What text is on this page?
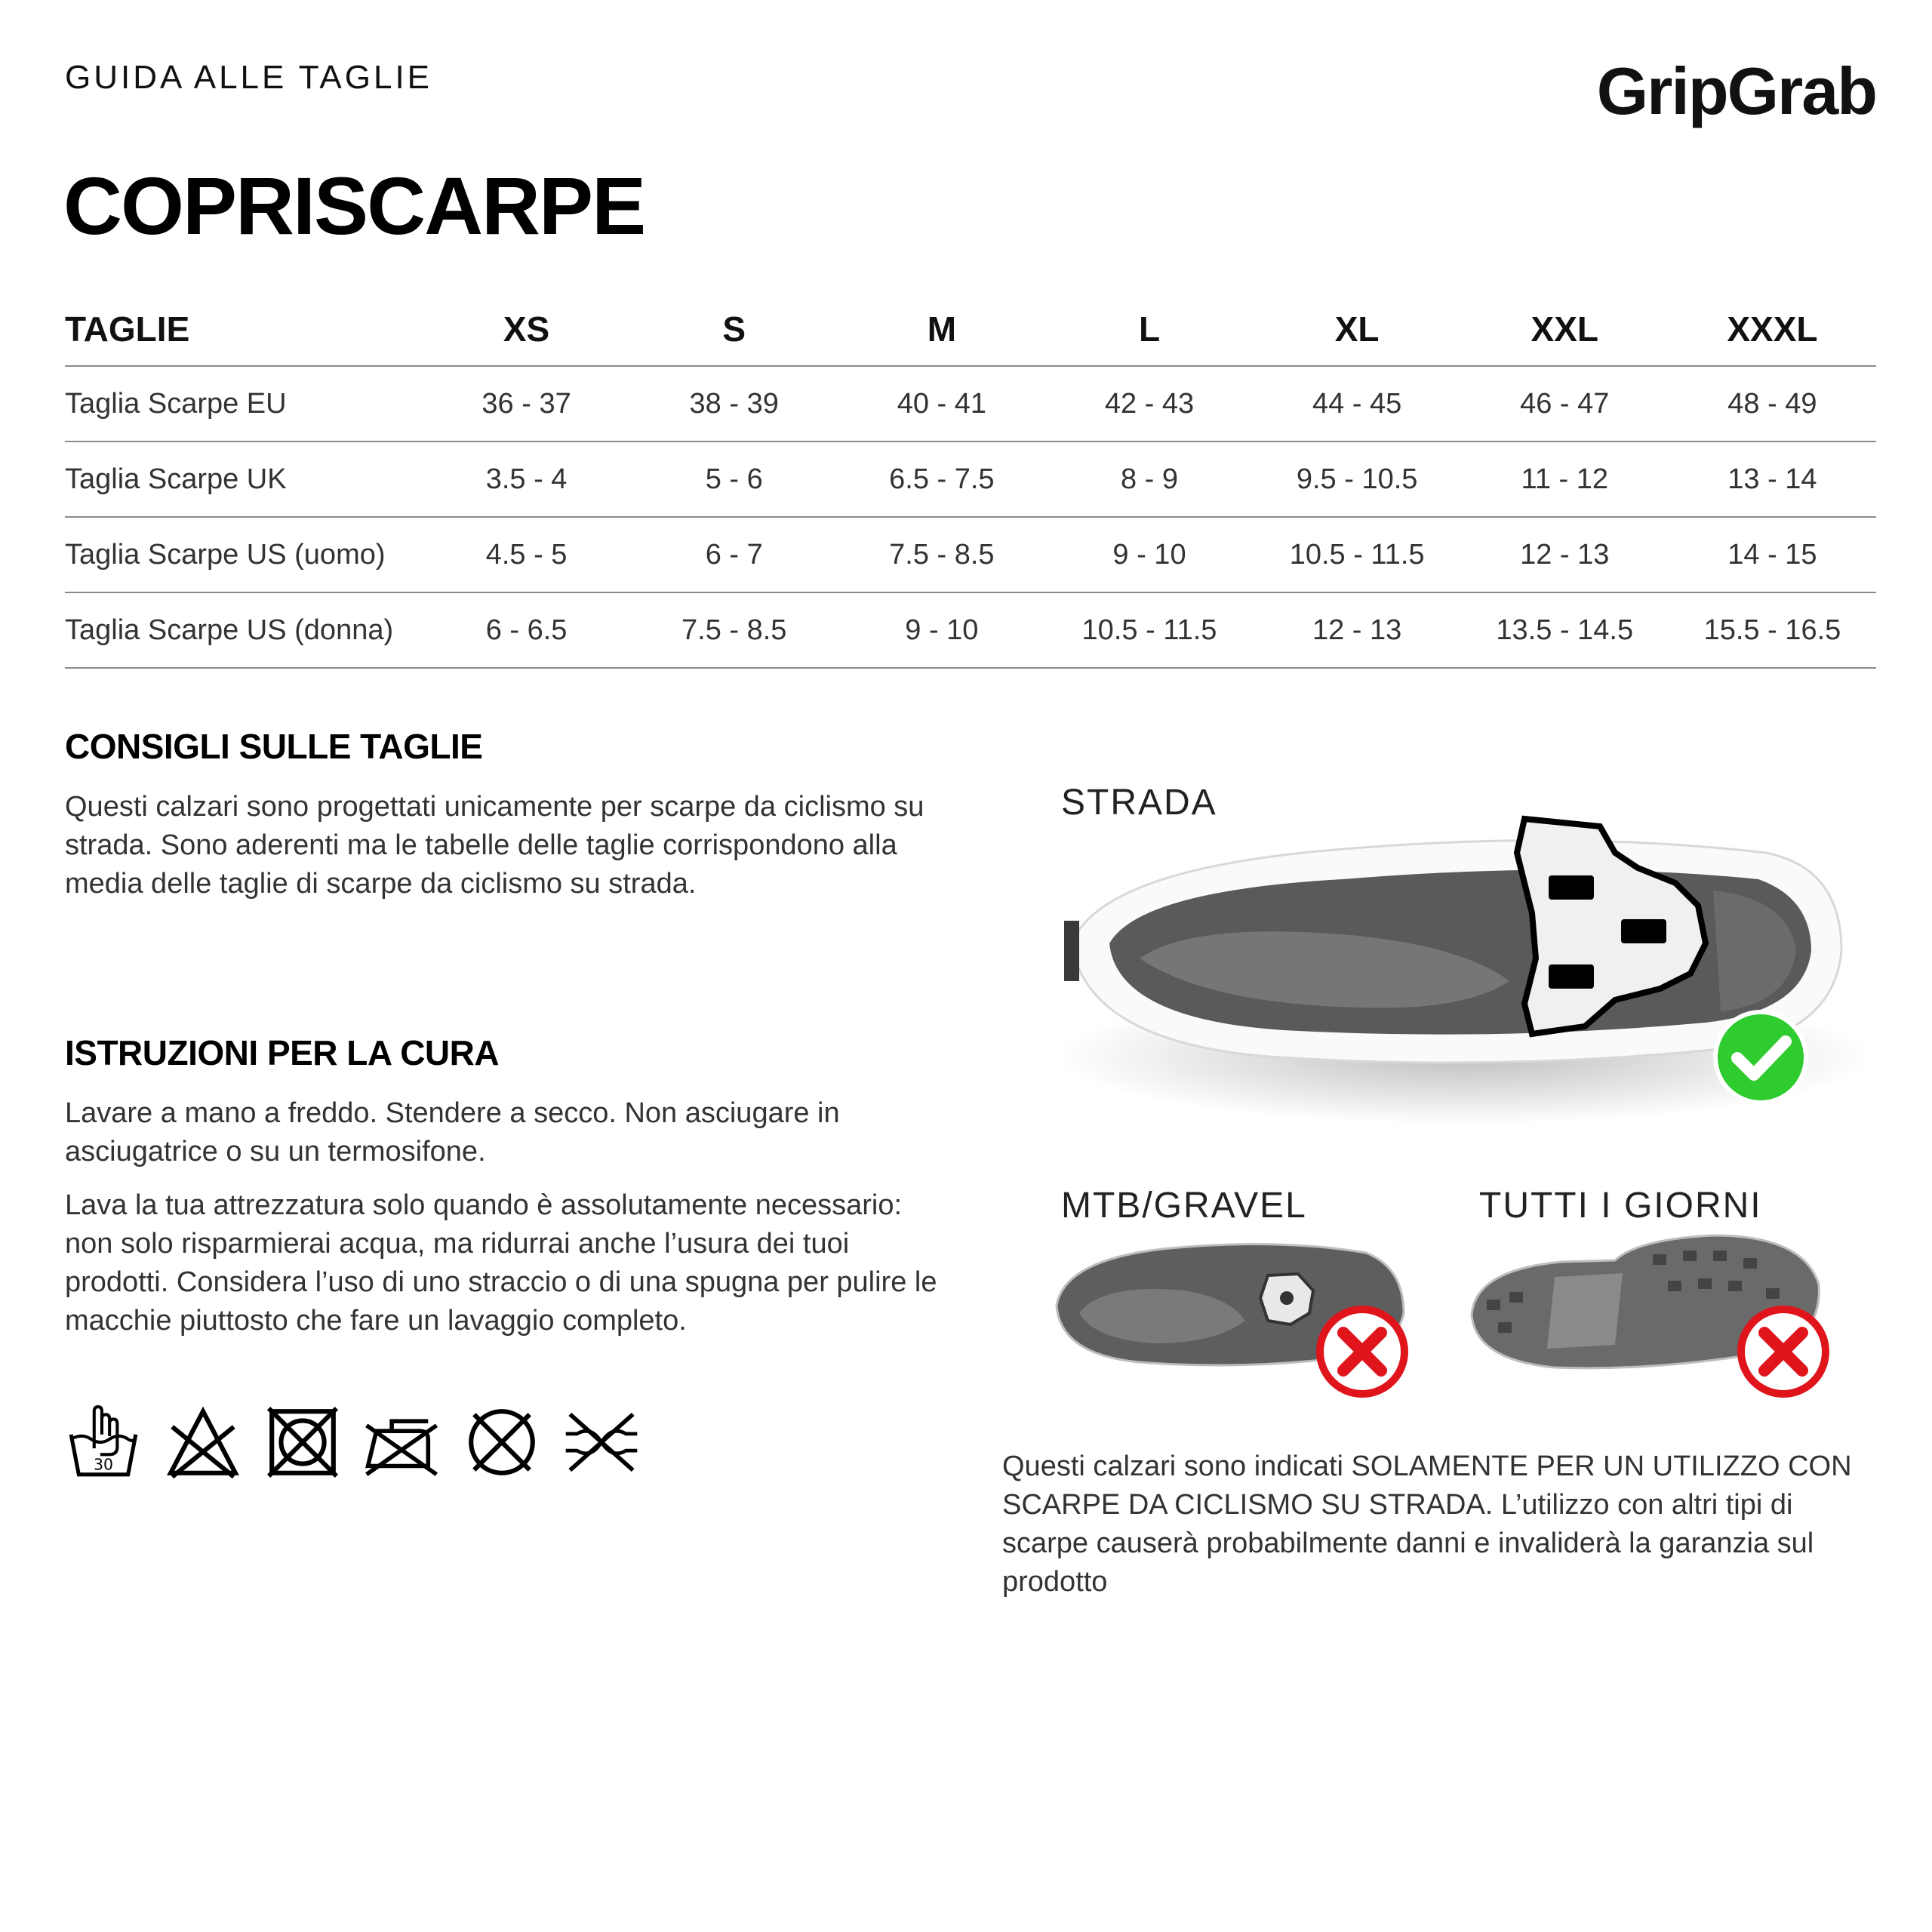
GUIDA ALLE TAGLIE	GripGrab
COPRISCARPE
TAGLIE	XS	S	M	L	XL	XXL	XXXL
Taglia Scarpe EU	36 - 37	38 - 39	40 - 41	42 - 43	44 - 45	46 - 47	48 - 49
Taglia Scarpe UK	3.5 - 4	5 - 6	6.5 - 7.5	8 - 9	9.5 - 10.5	11 - 12	13 - 14
Taglia Scarpe US (uomo)	4.5 - 5	6 - 7	7.5 - 8.5	9 - 10	10.5 - 11.5	12 - 13	14 - 15
Taglia Scarpe US (donna)	6 - 6.5	7.5 - 8.5	9 - 10	10.5 - 11.5	12 - 13	13.5 - 14.5	15.5 - 16.5
CONSIGLI SULLE TAGLIE
Questi calzari sono progettati unicamente per scarpe da ciclismo su strada. Sono aderenti ma le tabelle delle taglie corrispondono alla media delle taglie di scarpe da ciclismo su strada.
ISTRUZIONI PER LA CURA
Lavare a mano a freddo. Stendere a secco. Non asciugare in asciugatrice o su un termosifone.
Lava la tua attrezzatura solo quando è assolutamente necessario: non solo risparmierai acqua, ma ridurrai anche l’usura dei tuoi prodotti. Considera l’uso di uno straccio o di una spugna per pulire le macchie piuttosto che fare un lavaggio completo.
30
STRADA
MTB/GRAVEL	TUTTI I GIORNI
Questi calzari sono indicati SOLAMENTE PER UN UTILIZZO CON SCARPE DA CICLISMO SU STRADA. L’utilizzo con altri tipi di scarpe causerà probabilmente danni e invaliderà la garanzia sul prodotto
